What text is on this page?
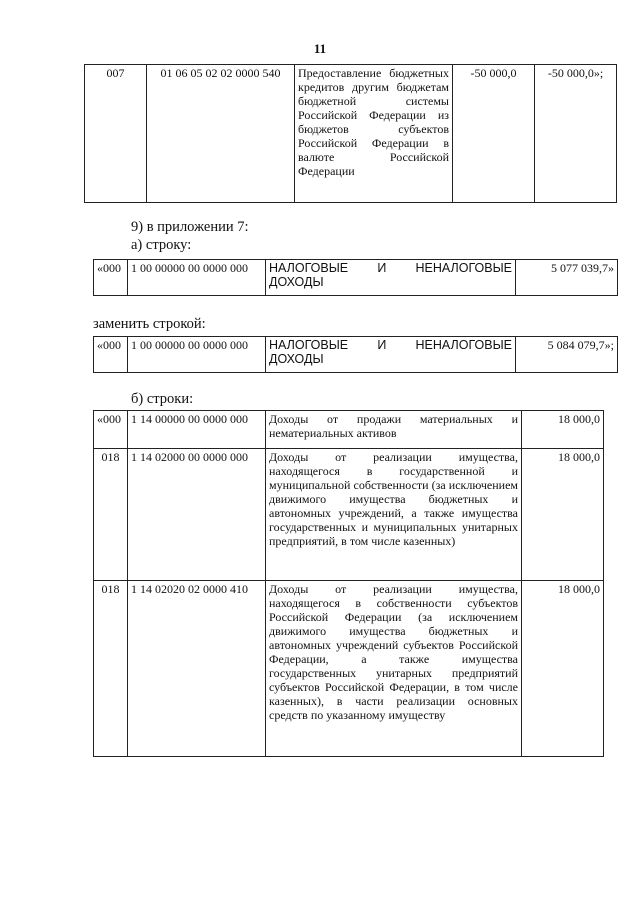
11
007	01 06 05 02 02 0000 540	Предоставление бюджетных кредитов другим бюджетам бюджетной системы Российской Федерации из бюджетов субъектов Российской Федерации в валюте Российской Федерации	-50 000,0	-50 000,0»;
9) в приложении 7:
а) строку:
«000	1 00 00000 00 0000 000	НАЛОГОВЫЕ И НЕНАЛОГОВЫЕ ДОХОДЫ	5 077 039,7»
заменить строкой:
«000	1 00 00000 00 0000 000	НАЛОГОВЫЕ И НЕНАЛОГОВЫЕ ДОХОДЫ	5 084 079,7»;
б) строки:
«000	1 14 00000 00 0000 000	Доходы от продажи материальных и нематериальных активов	18 000,0
018	1 14 02000 00 0000 000	Доходы от реализации имущества, находящегося в государственной и муниципальной собственности (за исключением движимого имущества бюджетных и автономных учреждений, а также имущества государственных и муниципальных унитарных предприятий, в том числе казенных)	18 000,0
018	1 14 02020 02 0000 410	Доходы от реализации имущества, находящегося в собственности субъектов Российской Федерации (за исключением движимого имущества бюджетных и автономных учреждений субъектов Российской Федерации, а также имущества государственных унитарных предприятий субъектов Российской Федерации, в том числе казенных), в части реализации основных средств по указанному имуществу	18 000,0
